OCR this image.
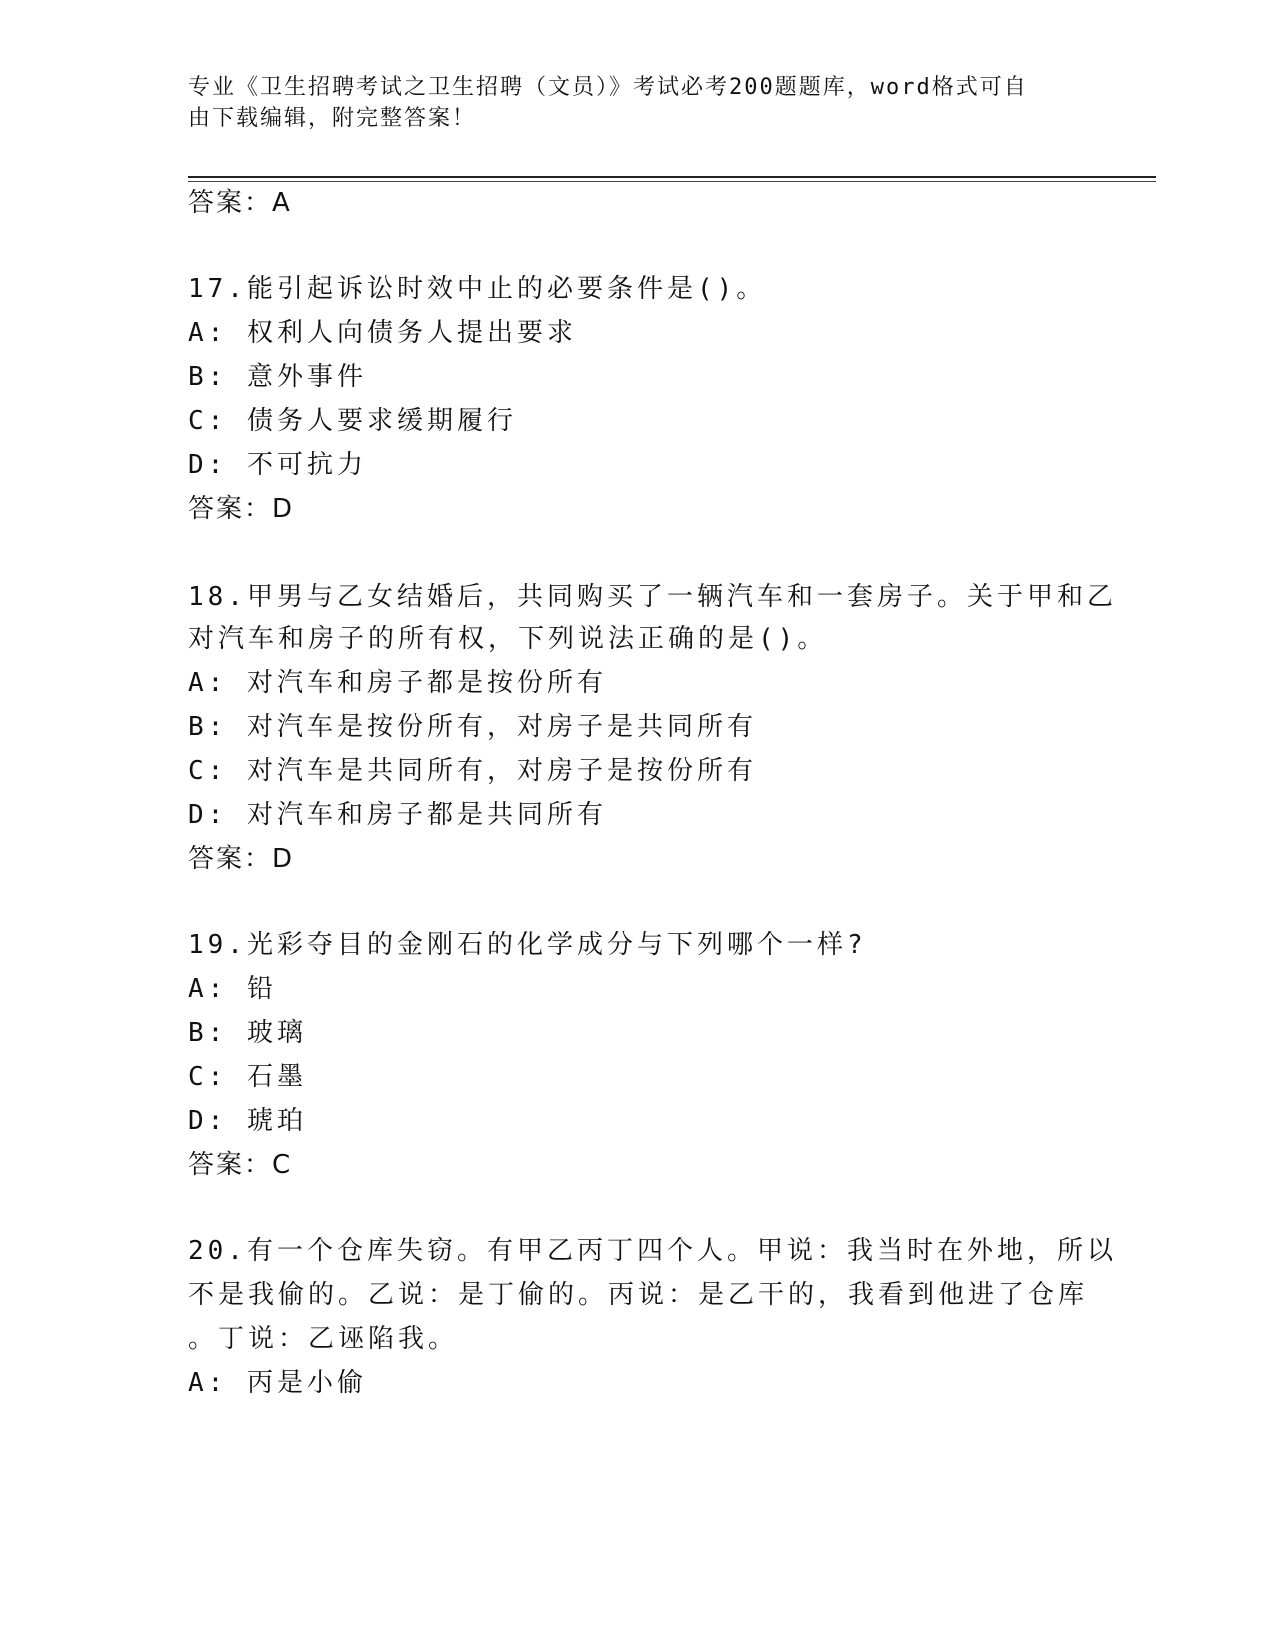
专业《卫生招聘考试之卫生招聘（文员）》考试必考200题题库，word格式可自
由下载编辑，附完整答案！
答案：A
17.能引起诉讼时效中止的必要条件是()。
A: 权利人向债务人提出要求
B: 意外事件
C: 债务人要求缓期履行
D: 不可抗力
答案：D
18.甲男与乙女结婚后，共同购买了一辆汽车和一套房子。关于甲和乙
对汽车和房子的所有权，下列说法正确的是()。
A: 对汽车和房子都是按份所有
B: 对汽车是按份所有，对房子是共同所有
C: 对汽车是共同所有，对房子是按份所有
D: 对汽车和房子都是共同所有
答案：D
19.光彩夺目的金刚石的化学成分与下列哪个一样?
A: 铅
B: 玻璃
C: 石墨
D: 琥珀
答案：C
20.有一个仓库失窃。有甲乙丙丁四个人。甲说：我当时在外地，所以
不是我偷的。乙说：是丁偷的。丙说：是乙干的，我看到他进了仓库
。丁说：乙诬陷我。
A: 丙是小偷
